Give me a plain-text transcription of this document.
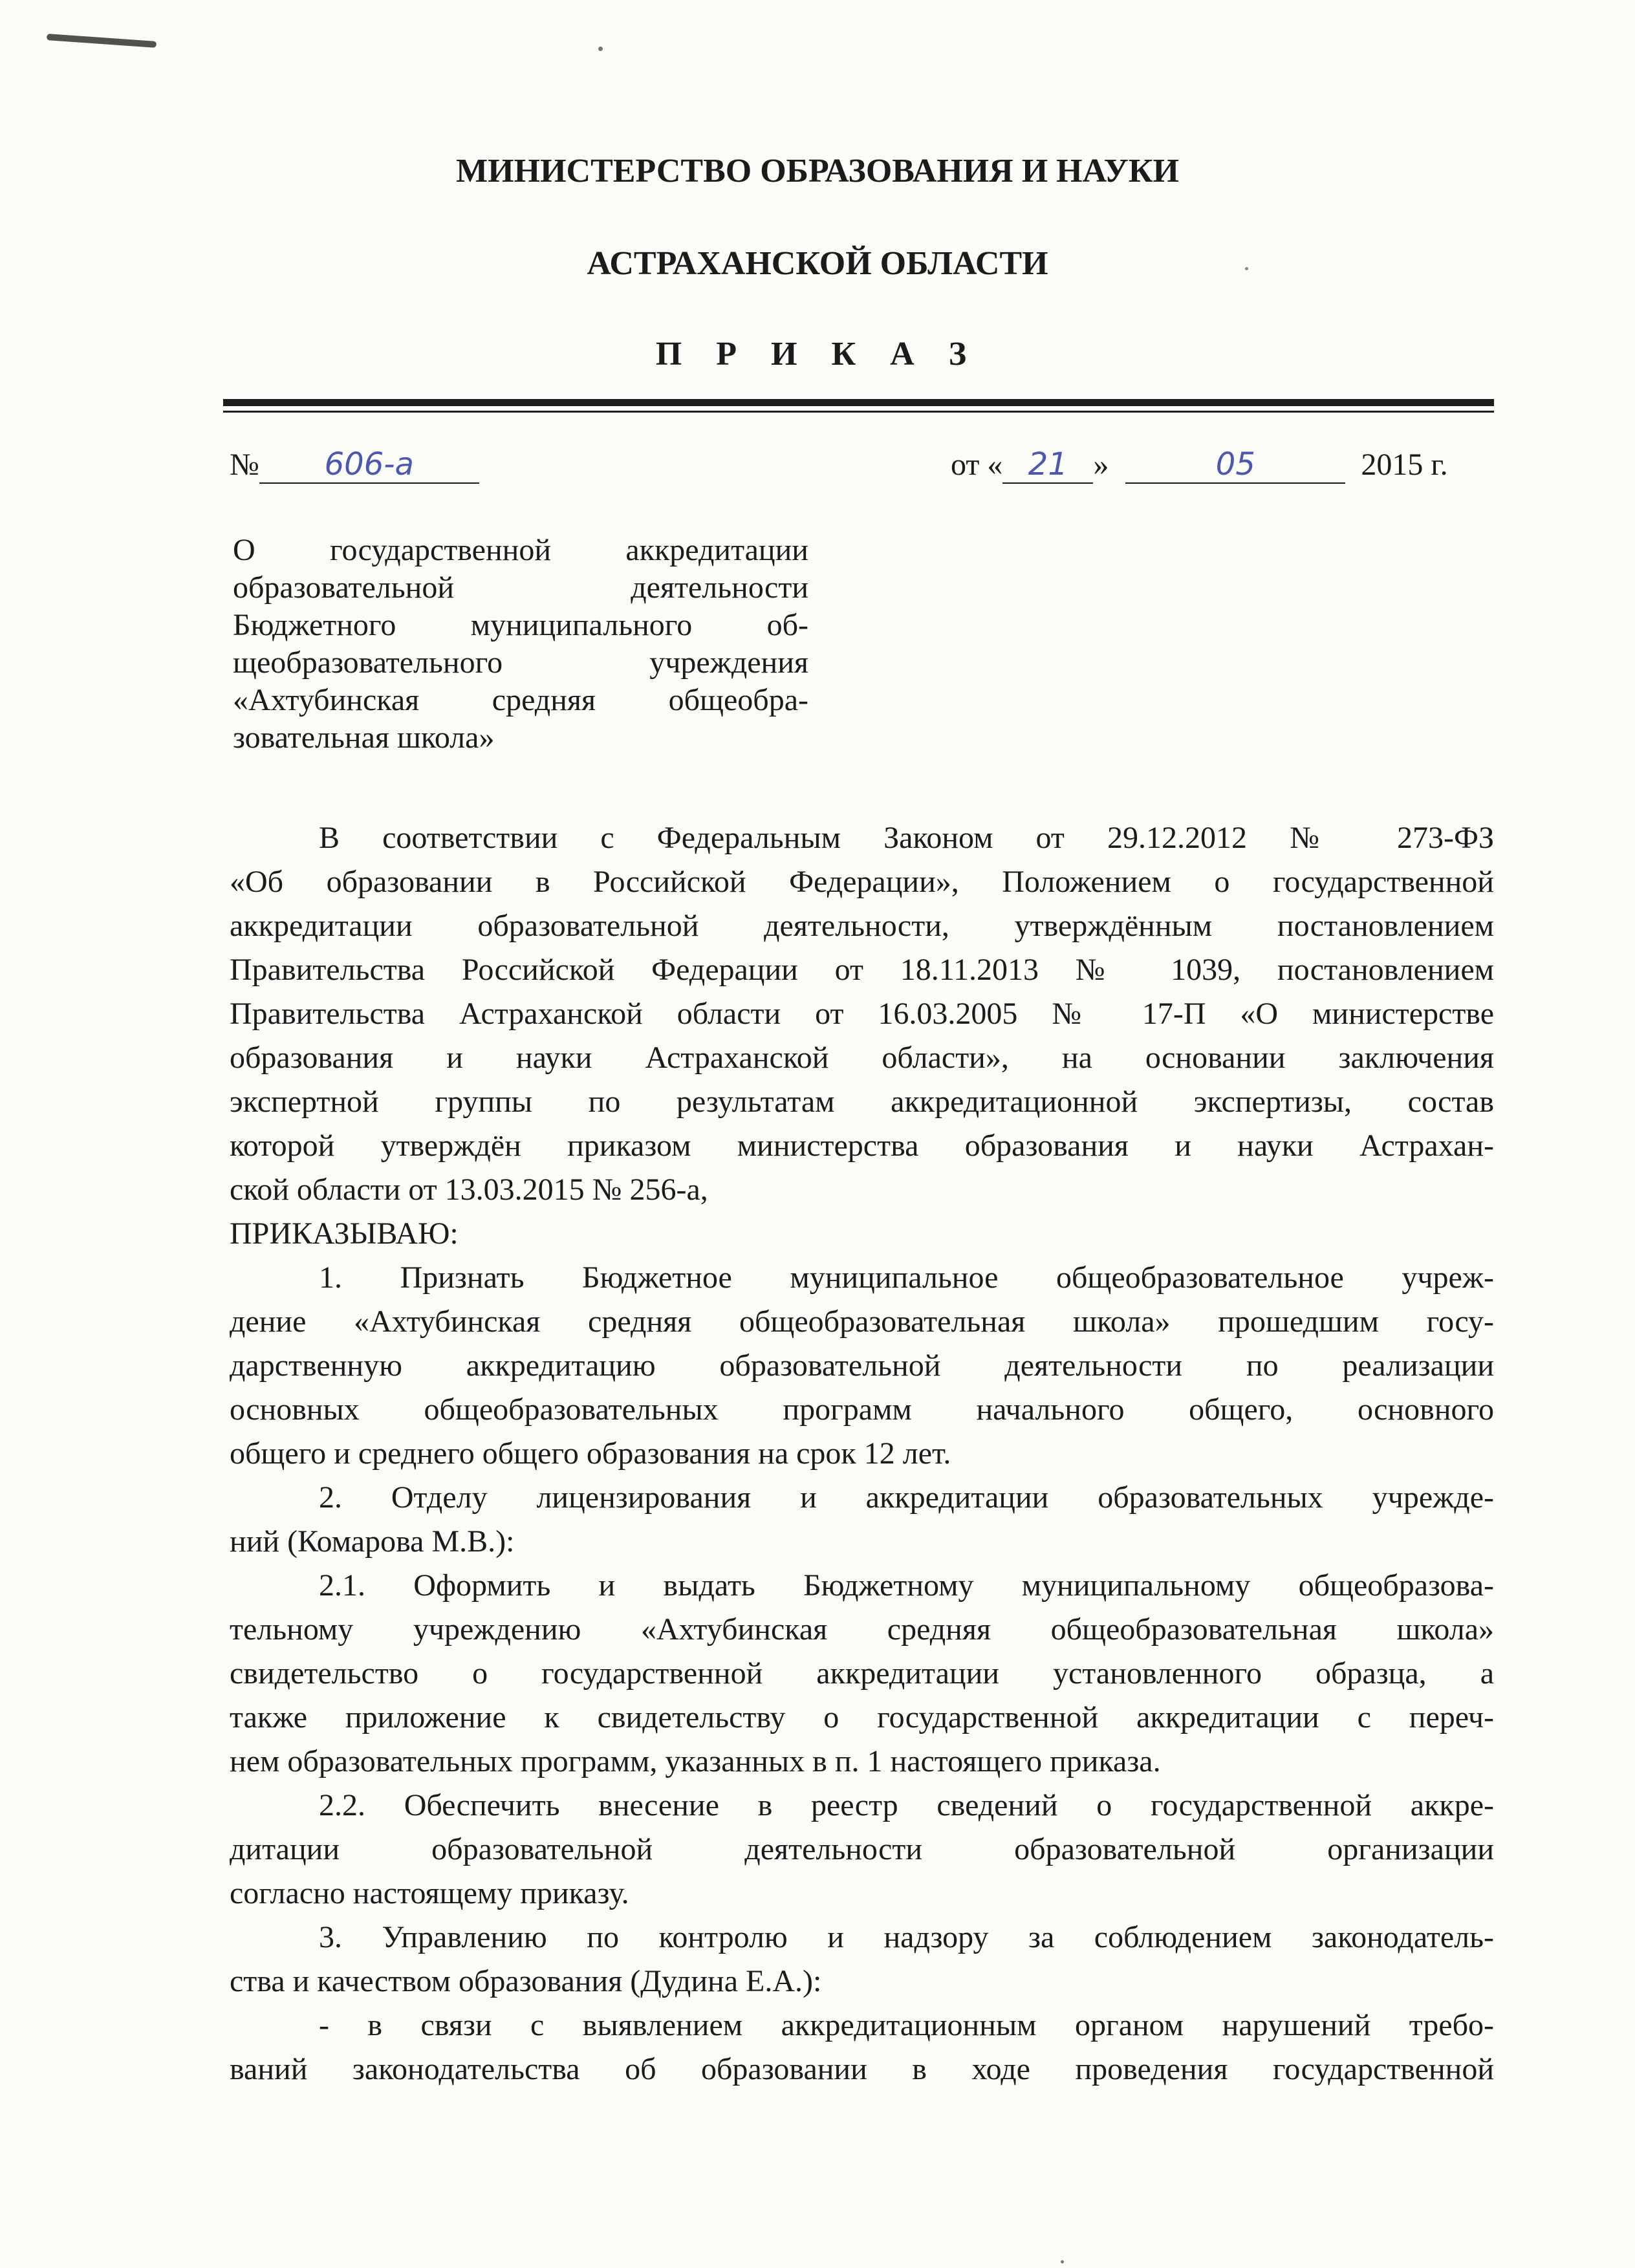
МИНИСТЕРСТВО ОБРАЗОВАНИЯ И НАУКИ
АСТРАХАНСКОЙ ОБЛАСТИ
П Р И К А З
№ 606-а	от « 21 »	05	2015 г.
О государственной аккредитации
образовательной деятельности
Бюджетного муниципального об-
щеобразовательного учреждения
«Ахтубинская средняя общеобра-
зовательная школа»
В соответствии с Федеральным Законом от 29.12.2012 № 273-ФЗ
«Об образовании в Российской Федерации», Положением о государственной
аккредитации образовательной деятельности, утверждённым постановлением
Правительства Российской Федерации от 18.11.2013 № 1039, постановлением
Правительства Астраханской области от 16.03.2005 № 17-П «О министерстве
образования и науки Астраханской области», на основании заключения
экспертной группы по результатам аккредитационной экспертизы, состав
которой утверждён приказом министерства образования и науки Астрахан-
ской области от 13.03.2015 № 256-а,
ПРИКАЗЫВАЮ:
1. Признать Бюджетное муниципальное общеобразовательное учреж-
дение «Ахтубинская средняя общеобразовательная школа» прошедшим госу-
дарственную аккредитацию образовательной деятельности по реализации
основных общеобразовательных программ начального общего, основного
общего и среднего общего образования на срок 12 лет.
2. Отделу лицензирования и аккредитации образовательных учрежде-
ний (Комарова М.В.):
2.1. Оформить и выдать Бюджетному муниципальному общеобразова-
тельному учреждению «Ахтубинская средняя общеобразовательная школа»
свидетельство о государственной аккредитации установленного образца, а
также приложение к свидетельству о государственной аккредитации с переч-
нем образовательных программ, указанных в п. 1 настоящего приказа.
2.2. Обеспечить внесение в реестр сведений о государственной аккре-
дитации образовательной деятельности образовательной организации
согласно настоящему приказу.
3. Управлению по контролю и надзору за соблюдением законодатель-
ства и качеством образования (Дудина Е.А.):
- в связи с выявлением аккредитационным органом нарушений требо-
ваний законодательства об образовании в ходе проведения государственной
